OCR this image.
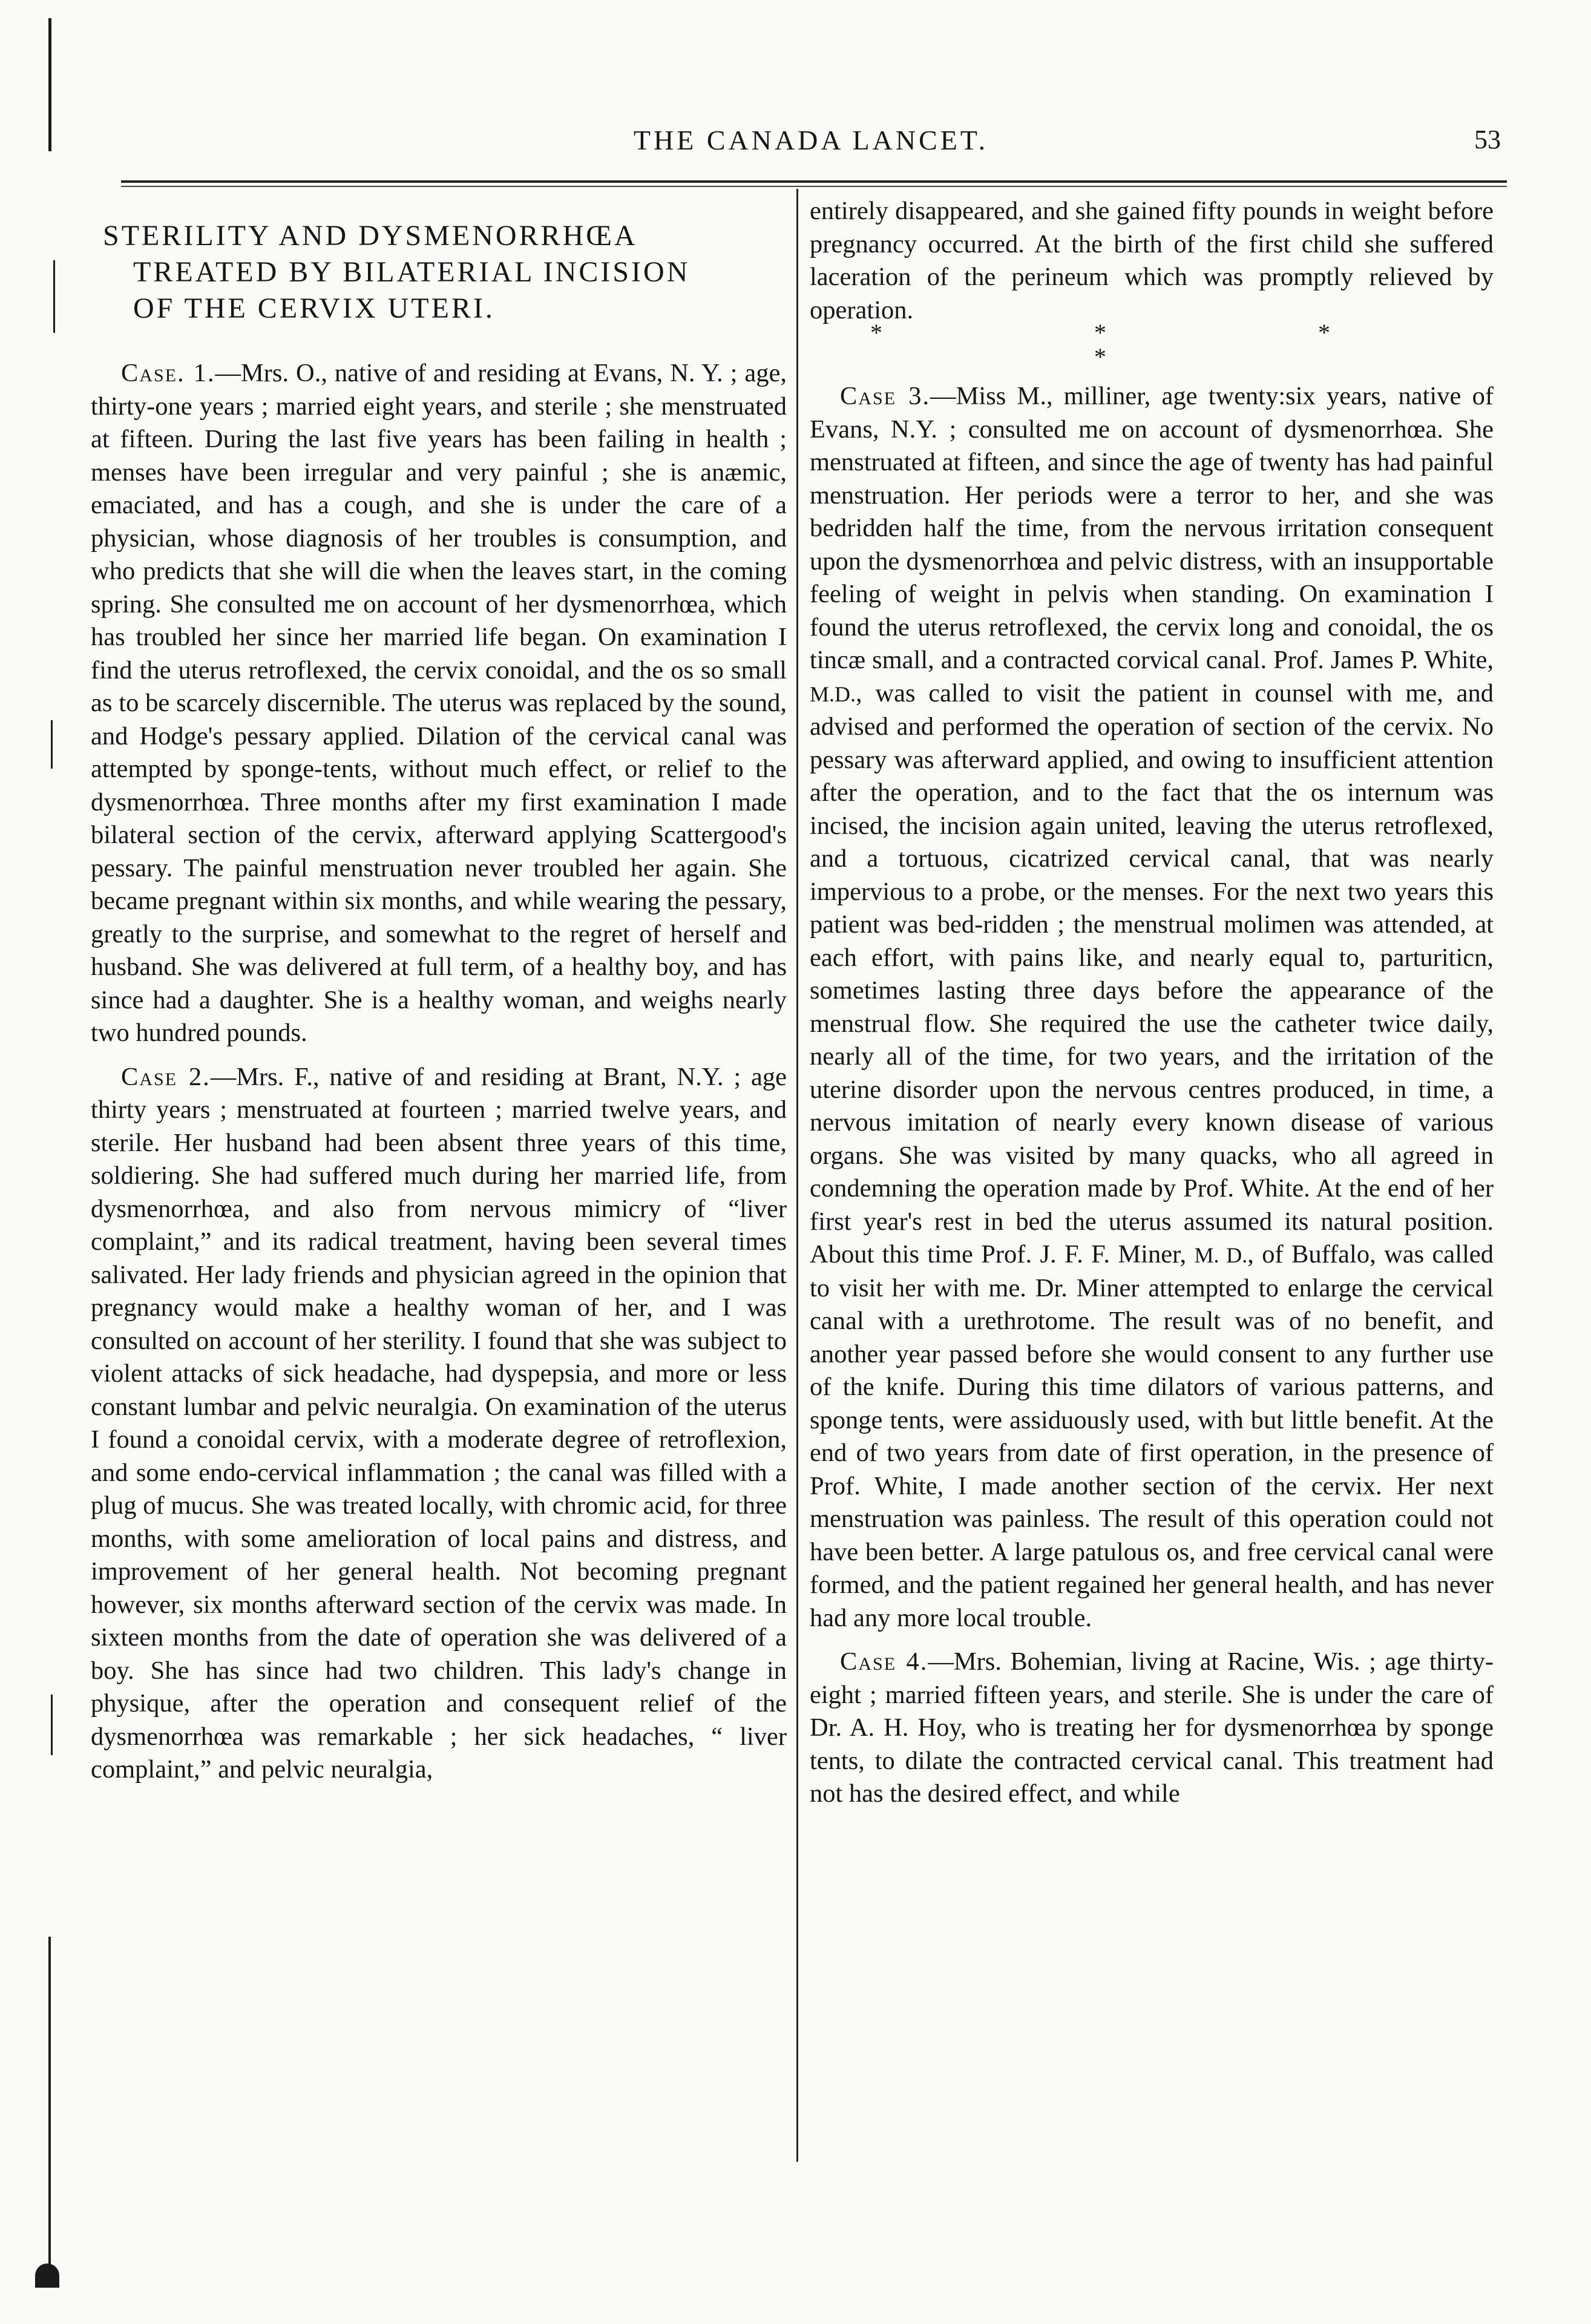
THE CANADA LANCET.	53
STERILITY AND DYSMENORRHŒA
TREATED BY BILATERIAL INCISION
OF THE CERVIX UTERI.

Case. 1.—Mrs. O., native of and residing at Evans, N. Y. ; age, thirty-one years ; married eight years, and sterile ; she menstruated at fifteen. During the last five years has been failing in health ; menses have been irregular and very painful ; she is anæmic, emaciated, and has a cough, and she is under the care of a physician, whose diagnosis of her troubles is consumption, and who predicts that she will die when the leaves start, in the coming spring. She consulted me on account of her dysmenorrhœa, which has troubled her since her married life began. On examination I find the uterus retroflexed, the cervix conoidal, and the os so small as to be scarcely discernible. The uterus was replaced by the sound, and Hodge's pessary applied. Dilation of the cervical canal was attempted by sponge-tents, without much effect, or relief to the dysmenorrhœa. Three months after my first examination I made bilateral section of the cervix, afterward applying Scattergood's pessary. The painful menstruation never troubled her again. She became pregnant within six months, and while wearing the pessary, greatly to the surprise, and somewhat to the regret of herself and husband. She was delivered at full term, of a healthy boy, and has since had a daughter. She is a healthy woman, and weighs nearly two hundred pounds.

Case 2.—Mrs. F., native of and residing at Brant, N.Y. ; age thirty years ; menstruated at fourteen ; married twelve years, and sterile. Her husband had been absent three years of this time, soldiering. She had suffered much during her married life, from dysmenorrhœa, and also from nervous mimicry of “liver complaint,” and its radical treatment, having been several times salivated. Her lady friends and physician agreed in the opinion that pregnancy would make a healthy woman of her, and I was consulted on account of her sterility. I found that she was subject to violent attacks of sick headache, had dyspepsia, and more or less constant lumbar and pelvic neuralgia. On examination of the uterus I found a conoidal cervix, with a moderate degree of retroflexion, and some endo-cervical inflammation ; the canal was filled with a plug of mucus. She was treated locally, with chromic acid, for three months, with some amelioration of local pains and distress, and improvement of her general health. Not becoming pregnant however, six months afterward section of the cervix was made. In sixteen months from the date of operation she was delivered of a boy. She has since had two children. This lady's change in physique, after the operation and consequent relief of the dysmenorrhœa was remarkable ; her sick headaches, “ liver complaint,” and pelvic neuralgia,

entirely disappeared, and she gained fifty pounds in weight before pregnancy occurred. At the birth of the first child she suffered laceration of the perineum which was promptly relieved by operation.

* * * *

Case 3.—Miss M., milliner, age twenty:six years, native of Evans, N.Y. ; consulted me on account of dysmenorrhœa. She menstruated at fifteen, and since the age of twenty has had painful menstruation. Her periods were a terror to her, and she was bedridden half the time, from the nervous irritation consequent upon the dysmenorrhœa and pelvic distress, with an insupportable feeling of weight in pelvis when standing. On examination I found the uterus retroflexed, the cervix long and conoidal, the os tincæ small, and a contracted corvical canal. Prof. James P. White, M.D., was called to visit the patient in counsel with me, and advised and performed the operation of section of the cervix. No pessary was afterward applied, and owing to insufficient attention after the operation, and to the fact that the os internum was incised, the incision again united, leaving the uterus retroflexed, and a tortuous, cicatrized cervical canal, that was nearly impervious to a probe, or the menses. For the next two years this patient was bed-ridden ; the menstrual molimen was attended, at each effort, with pains like, and nearly equal to, parturiticn, sometimes lasting three days before the appearance of the menstrual flow. She required the use the catheter twice daily, nearly all of the time, for two years, and the irritation of the uterine disorder upon the nervous centres produced, in time, a nervous imitation of nearly every known disease of various organs. She was visited by many quacks, who all agreed in condemning the operation made by Prof. White. At the end of her first year's rest in bed the uterus assumed its natural position. About this time Prof. J. F. F. Miner, M. D., of Buffalo, was called to visit her with me. Dr. Miner attempted to enlarge the cervical canal with a urethrotome. The result was of no benefit, and another year passed before she would consent to any further use of the knife. During this time dilators of various patterns, and sponge tents, were assiduously used, with but little benefit. At the end of two years from date of first operation, in the presence of Prof. White, I made another section of the cervix. Her next menstruation was painless. The result of this operation could not have been better. A large patulous os, and free cervical canal were formed, and the patient regained her general health, and has never had any more local trouble.

Case 4.—Mrs. Bohemian, living at Racine, Wis. ; age thirty-eight ; married fifteen years, and sterile. She is under the care of Dr. A. H. Hoy, who is treating her for dysmenorrhœa by sponge tents, to dilate the contracted cervical canal. This treatment had not has the desired effect, and while
